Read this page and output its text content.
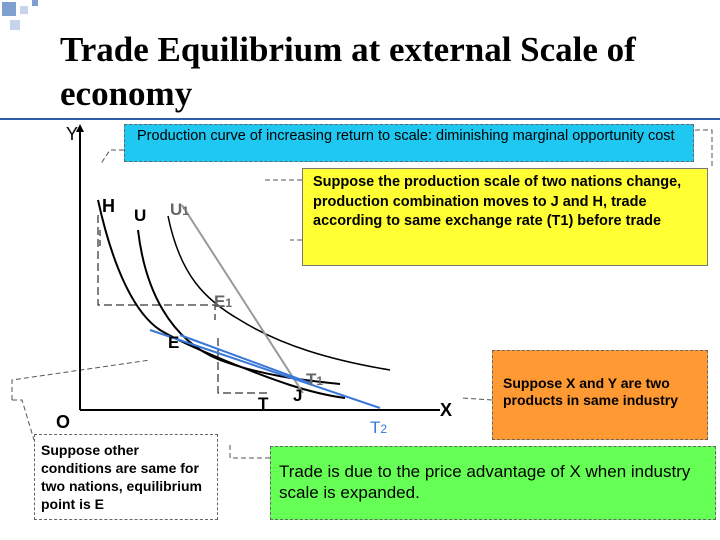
Trade Equilibrium at external Scale of economy
Y
O
X
H U U1
E1
E
T J
T1
T2
Production curve of increasing return to scale: diminishing marginal opportunity cost
Suppose the production scale of two nations change, production combination moves to J and H, trade according to same exchange rate (T1) before trade
Suppose other conditions are same for two nations, equilibrium point is E
Suppose X and Y are two products in same industry
Trade is due to the price advantage of X when industry scale is expanded.
